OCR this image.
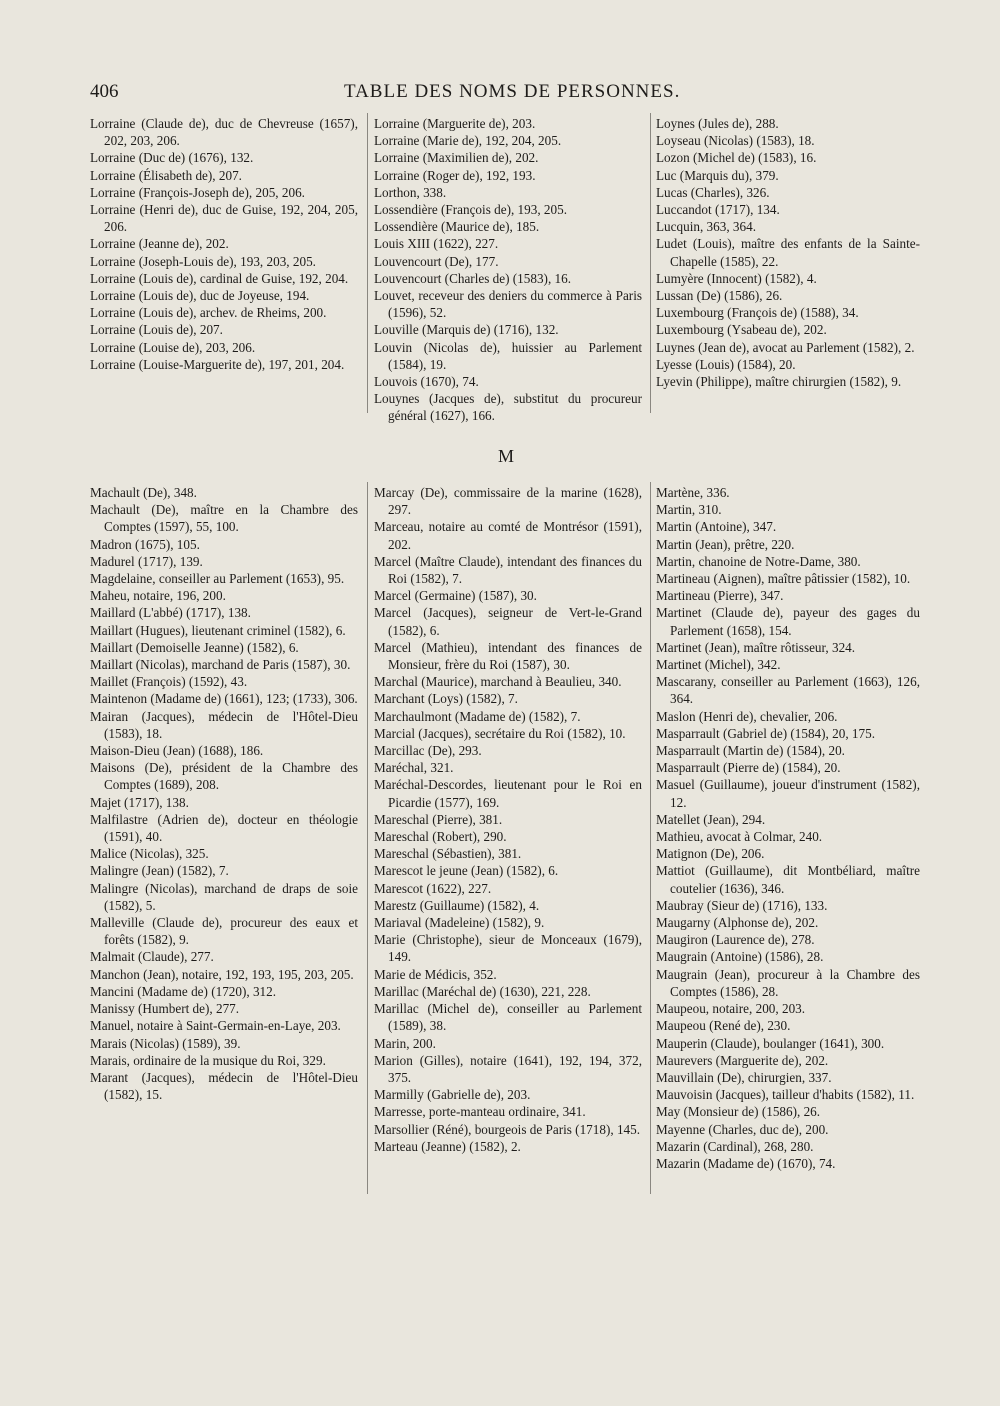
406	TABLE DES NOMS DE PERSONNES.

Lorraine (Claude de), duc de Chevreuse (1657), 202, 203, 206.

Lorraine (Duc de) (1676), 132.

Lorraine (Élisabeth de), 207.

Lorraine (François-Joseph de), 205, 206.

Lorraine (Henri de), duc de Guise, 192, 204, 205, 206.

Lorraine (Jeanne de), 202.

Lorraine (Joseph-Louis de), 193, 203, 205.

Lorraine (Louis de), cardinal de Guise, 192, 204.

Lorraine (Louis de), duc de Joyeuse, 194.

Lorraine (Louis de), archev. de Rheims, 200.

Lorraine (Louis de), 207.

Lorraine (Louise de), 203, 206.

Lorraine (Louise-Marguerite de), 197, 201, 204.

Lorraine (Marguerite de), 203.

Lorraine (Marie de), 192, 204, 205.

Lorraine (Maximilien de), 202.

Lorraine (Roger de), 192, 193.

Lorthon, 338.

Lossendière (François de), 193, 205.

Lossendière (Maurice de), 185.

Louis XIII (1622), 227.

Louvencourt (De), 177.

Louvencourt (Charles de) (1583), 16.

Louvet, receveur des deniers du commerce à Paris (1596), 52.

Louville (Marquis de) (1716), 132.

Louvin (Nicolas de), huissier au Parlement (1584), 19.

Louvois (1670), 74.

Louynes (Jacques de), substitut du procureur général (1627), 166.

Loynes (Jules de), 288.

Loyseau (Nicolas) (1583), 18.

Lozon (Michel de) (1583), 16.

Luc (Marquis du), 379.

Lucas (Charles), 326.

Luccandot (1717), 134.

Lucquin, 363, 364.

Ludet (Louis), maître des enfants de la Sainte-Chapelle (1585), 22.

Lumyère (Innocent) (1582), 4.

Lussan (De) (1586), 26.

Luxembourg (François de) (1588), 34.

Luxembourg (Ysabeau de), 202.

Luynes (Jean de), avocat au Parlement (1582), 2.

Lyesse (Louis) (1584), 20.

Lyevin (Philippe), maître chirurgien (1582), 9.

M

Machault (De), 348.

Machault (De), maître en la Chambre des Comptes (1597), 55, 100.

Madron (1675), 105.

Madurel (1717), 139.

Magdelaine, conseiller au Parlement (1653), 95.

Maheu, notaire, 196, 200.

Maillard (L'abbé) (1717), 138.

Maillart (Hugues), lieutenant criminel (1582), 6.

Maillart (Demoiselle Jeanne) (1582), 6.

Maillart (Nicolas), marchand de Paris (1587), 30.

Maillet (François) (1592), 43.

Maintenon (Madame de) (1661), 123; (1733), 306.

Mairan (Jacques), médecin de l'Hôtel-Dieu (1583), 18.

Maison-Dieu (Jean) (1688), 186.

Maisons (De), président de la Chambre des Comptes (1689), 208.

Majet (1717), 138.

Malfilastre (Adrien de), docteur en théologie (1591), 40.

Malice (Nicolas), 325.

Malingre (Jean) (1582), 7.

Malingre (Nicolas), marchand de draps de soie (1582), 5.

Malleville (Claude de), procureur des eaux et forêts (1582), 9.

Malmait (Claude), 277.

Manchon (Jean), notaire, 192, 193, 195, 203, 205.

Mancini (Madame de) (1720), 312.

Manissy (Humbert de), 277.

Manuel, notaire à Saint-Germain-en-Laye, 203.

Marais (Nicolas) (1589), 39.

Marais, ordinaire de la musique du Roi, 329.

Marant (Jacques), médecin de l'Hôtel-Dieu (1582), 15.

Marcay (De), commissaire de la marine (1628), 297.

Marceau, notaire au comté de Montrésor (1591), 202.

Marcel (Maître Claude), intendant des finances du Roi (1582), 7.

Marcel (Germaine) (1587), 30.

Marcel (Jacques), seigneur de Vert-le-Grand (1582), 6.

Marcel (Mathieu), intendant des finances de Monsieur, frère du Roi (1587), 30.

Marchal (Maurice), marchand à Beaulieu, 340.

Marchant (Loys) (1582), 7.

Marchaulmont (Madame de) (1582), 7.

Marcial (Jacques), secrétaire du Roi (1582), 10.

Marcillac (De), 293.

Maréchal, 321.

Maréchal-Descordes, lieutenant pour le Roi en Picardie (1577), 169.

Mareschal (Pierre), 381.

Mareschal (Robert), 290.

Mareschal (Sébastien), 381.

Marescot le jeune (Jean) (1582), 6.

Marescot (1622), 227.

Marestz (Guillaume) (1582), 4.

Mariaval (Madeleine) (1582), 9.

Marie (Christophe), sieur de Monceaux (1679), 149.

Marie de Médicis, 352.

Marillac (Maréchal de) (1630), 221, 228.

Marillac (Michel de), conseiller au Parlement (1589), 38.

Marin, 200.

Marion (Gilles), notaire (1641), 192, 194, 372, 375.

Marmilly (Gabrielle de), 203.

Marresse, porte-manteau ordinaire, 341.

Marsollier (Réné), bourgeois de Paris (1718), 145.

Marteau (Jeanne) (1582), 2.

Martène, 336.

Martin, 310.

Martin (Antoine), 347.

Martin (Jean), prêtre, 220.

Martin, chanoine de Notre-Dame, 380.

Martineau (Aignen), maître pâtissier (1582), 10.

Martineau (Pierre), 347.

Martinet (Claude de), payeur des gages du Parlement (1658), 154.

Martinet (Jean), maître rôtisseur, 324.

Martinet (Michel), 342.

Mascarany, conseiller au Parlement (1663), 126, 364.

Maslon (Henri de), chevalier, 206.

Masparrault (Gabriel de) (1584), 20, 175.

Masparrault (Martin de) (1584), 20.

Masparrault (Pierre de) (1584), 20.

Masuel (Guillaume), joueur d'instrument (1582), 12.

Matellet (Jean), 294.

Mathieu, avocat à Colmar, 240.

Matignon (De), 206.

Mattiot (Guillaume), dit Montbéliard, maître coutelier (1636), 346.

Maubray (Sieur de) (1716), 133.

Maugarny (Alphonse de), 202.

Maugiron (Laurence de), 278.

Maugrain (Antoine) (1586), 28.

Maugrain (Jean), procureur à la Chambre des Comptes (1586), 28.

Maupeou, notaire, 200, 203.

Maupeou (René de), 230.

Mauperin (Claude), boulanger (1641), 300.

Maurevers (Marguerite de), 202.

Mauvillain (De), chirurgien, 337.

Mauvoisin (Jacques), tailleur d'habits (1582), 11.

May (Monsieur de) (1586), 26.

Mayenne (Charles, duc de), 200.

Mazarin (Cardinal), 268, 280.

Mazarin (Madame de) (1670), 74.
